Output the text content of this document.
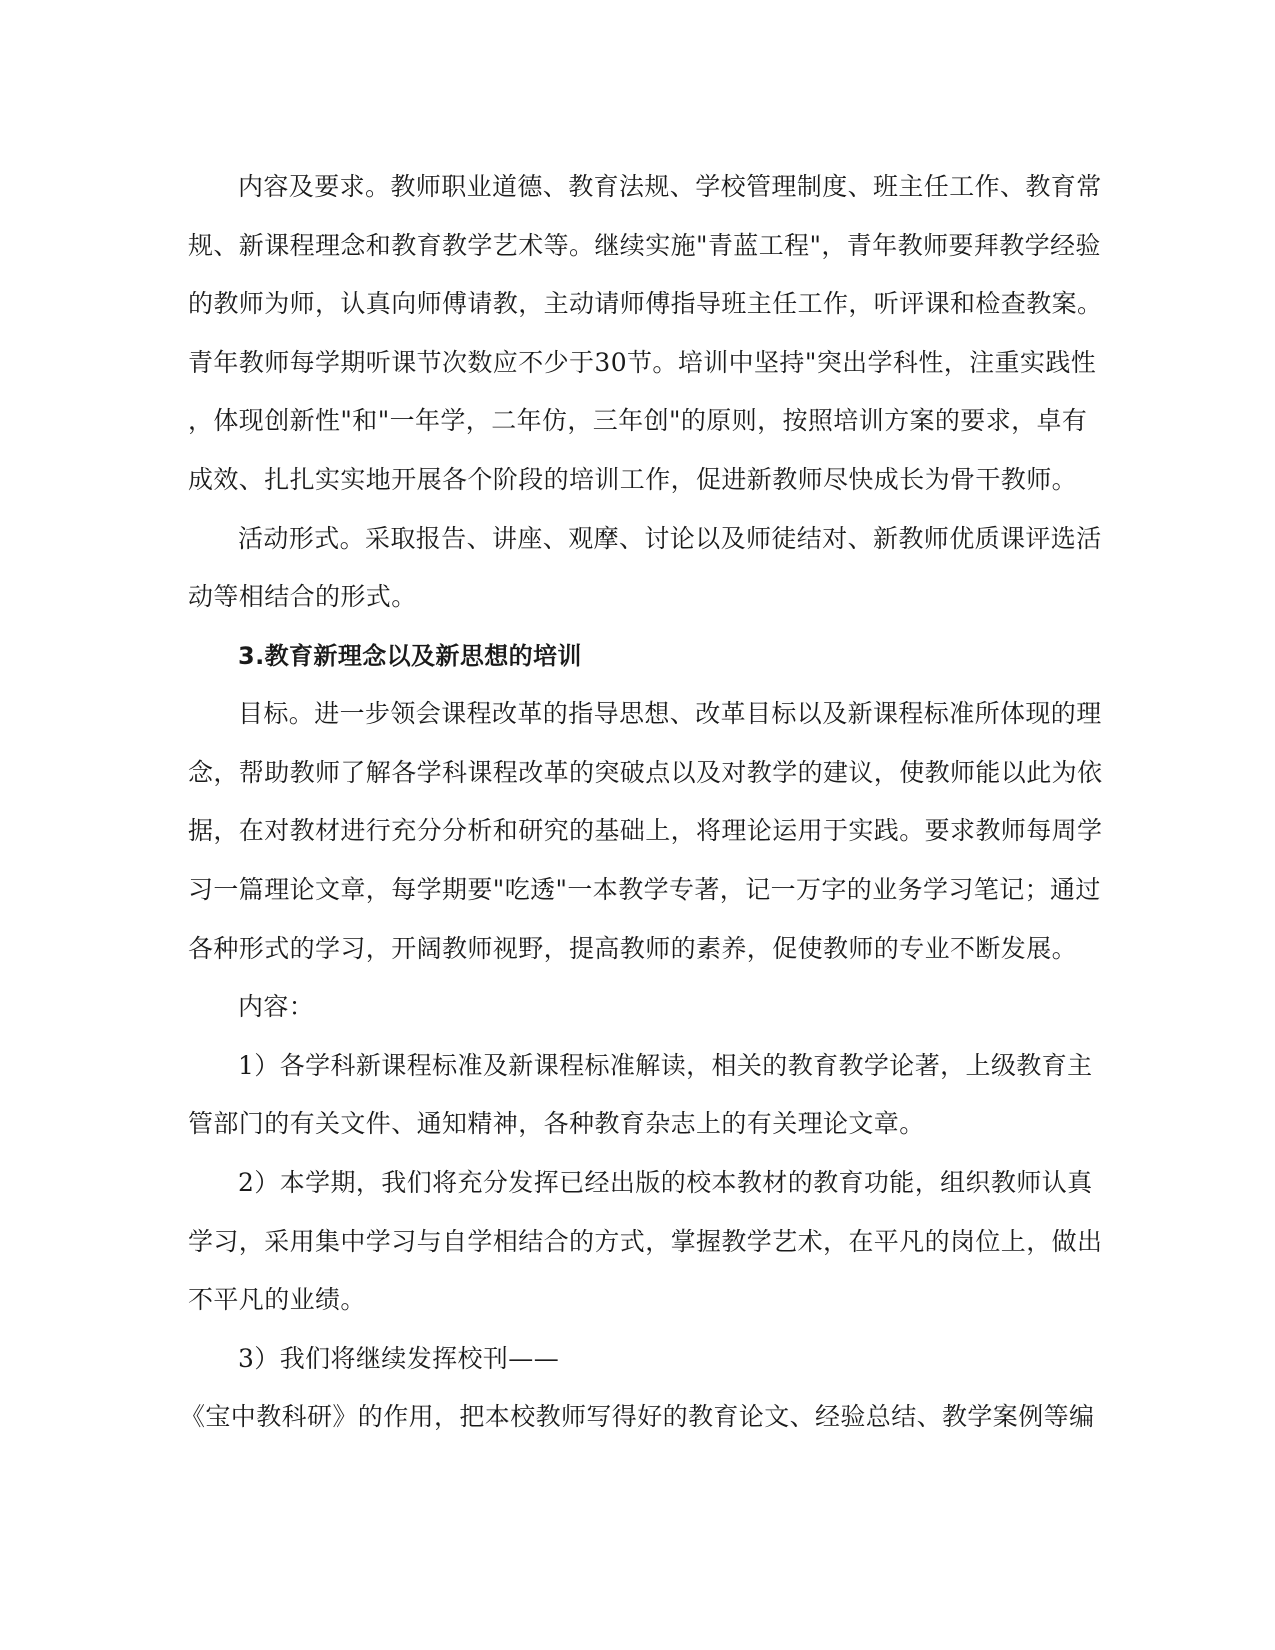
内容及要求。教师职业道德、教育法规、学校管理制度、班主任工作、教育常
规、新课程理念和教育教学艺术等。继续实施"青蓝工程"，青年教师要拜教学经验
的教师为师，认真向师傅请教，主动请师傅指导班主任工作，听评课和检查教案。
青年教师每学期听课节次数应不少于30节。培训中坚持"突出学科性，注重实践性
，体现创新性"和"一年学，二年仿，三年创"的原则，按照培训方案的要求，卓有
成效、扎扎实实地开展各个阶段的培训工作，促进新教师尽快成长为骨干教师。
活动形式。采取报告、讲座、观摩、讨论以及师徒结对、新教师优质课评选活
动等相结合的形式。
3.教育新理念以及新思想的培训
目标。进一步领会课程改革的指导思想、改革目标以及新课程标准所体现的理
念，帮助教师了解各学科课程改革的突破点以及对教学的建议，使教师能以此为依
据，在对教材进行充分分析和研究的基础上，将理论运用于实践。要求教师每周学
习一篇理论文章，每学期要"吃透"一本教学专著，记一万字的业务学习笔记；通过
各种形式的学习，开阔教师视野，提高教师的素养，促使教师的专业不断发展。
内容：
1）各学科新课程标准及新课程标准解读，相关的教育教学论著，上级教育主
管部门的有关文件、通知精神，各种教育杂志上的有关理论文章。
2）本学期，我们将充分发挥已经出版的校本教材的教育功能，组织教师认真
学习，采用集中学习与自学相结合的方式，掌握教学艺术，在平凡的岗位上，做出
不平凡的业绩。
3）我们将继续发挥校刊——
《宝中教科研》的作用，把本校教师写得好的教育论文、经验总结、教学案例等编
